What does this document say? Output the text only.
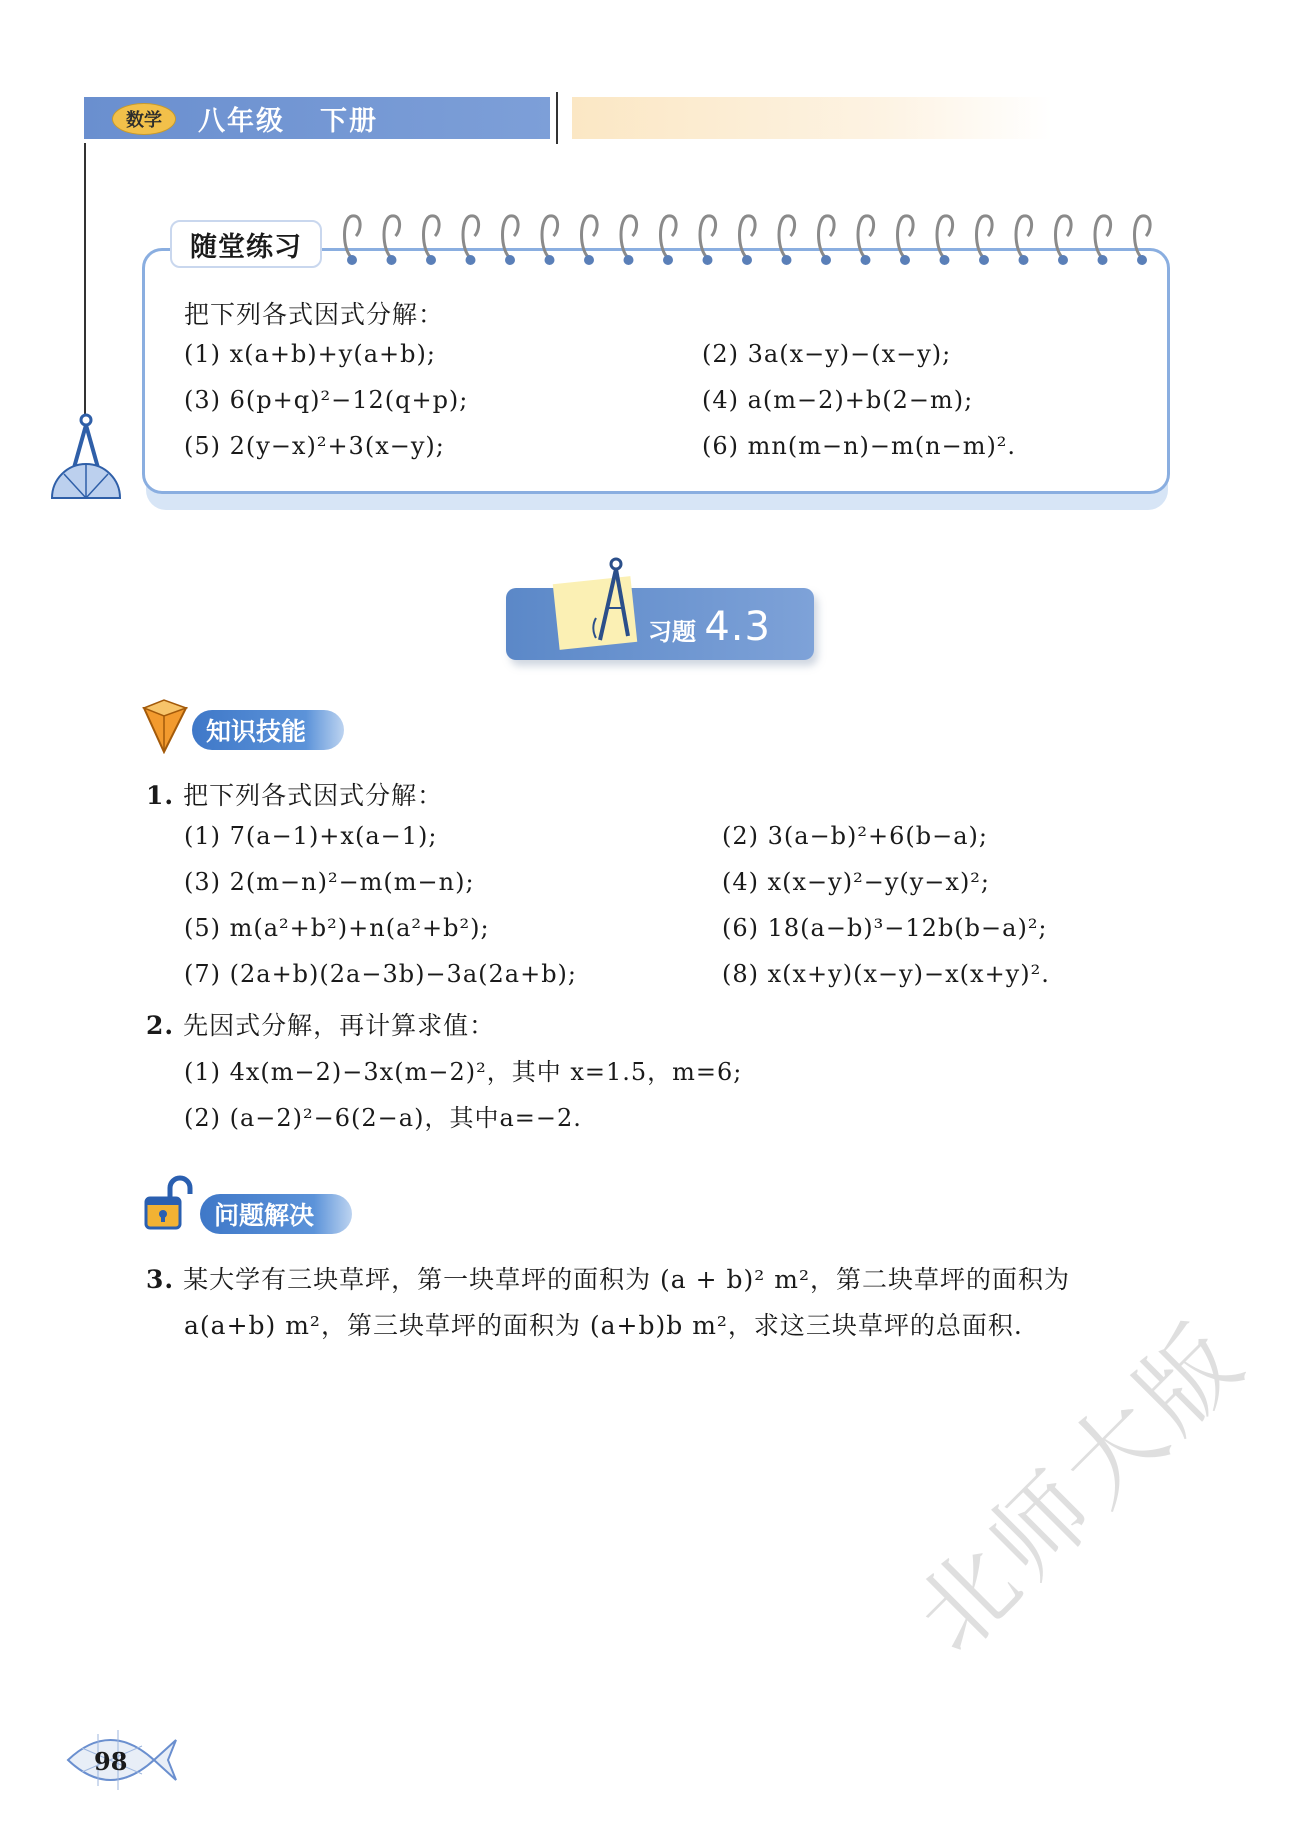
数学	八年级 下册
随堂练习
把下列各式因式分解：
(1) x(a+b)+y(a+b);	(2) 3a(x−y)−(x−y);
(3) 6(p+q)²−12(q+p);	(4) a(m−2)+b(2−m);
(5) 2(y−x)²+3(x−y);	(6) mn(m−n)−m(n−m)².
习题 4.3
知识技能
1. 把下列各式因式分解：
(1) 7(a−1)+x(a−1);	(2) 3(a−b)²+6(b−a);
(3) 2(m−n)²−m(m−n);	(4) x(x−y)²−y(y−x)²;
(5) m(a²+b²)+n(a²+b²);	(6) 18(a−b)³−12b(b−a)²;
(7) (2a+b)(2a−3b)−3a(2a+b);	(8) x(x+y)(x−y)−x(x+y)².
2. 先因式分解，再计算求值：
(1) 4x(m−2)−3x(m−2)²，其中 x=1.5，m=6;
(2) (a−2)²−6(2−a)，其中a=−2.
问题解决
3. 某大学有三块草坪，第一块草坪的面积为 (a + b)² m²，第二块草坪的面积为
a(a+b) m²，第三块草坪的面积为 (a+b)b m²，求这三块草坪的总面积.
98
北师大版
